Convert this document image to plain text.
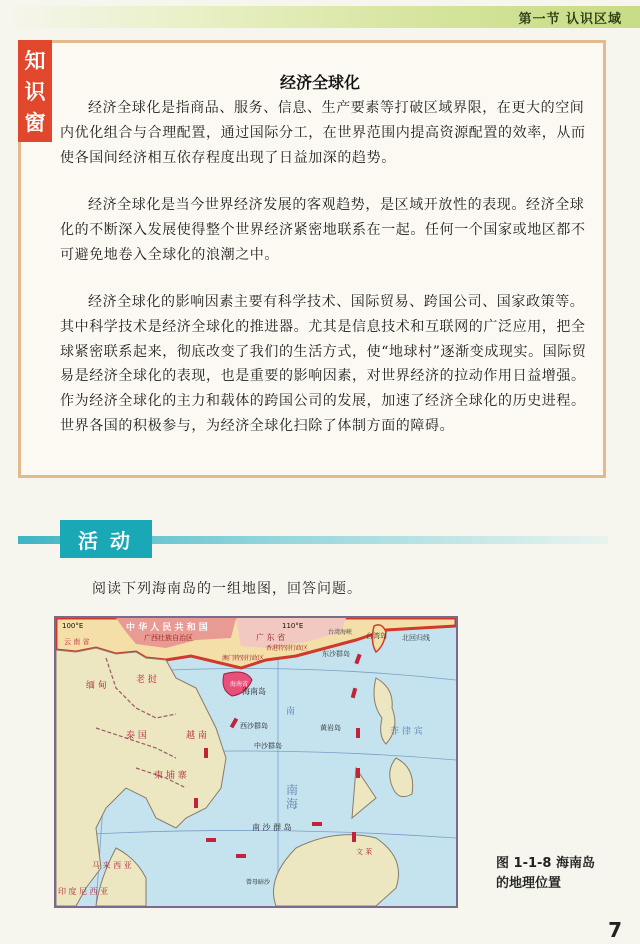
第一节 认识区域
知
识
窗
经济全球化
经济全球化是指商品、服务、信息、生产要素等打破区域界限，在更大的空间内优化组合与合理配置，通过国际分工，在世界范围内提高资源配置的效率，从而使各国间经济相互依存程度出现了日益加深的趋势。
经济全球化是当今世界经济发展的客观趋势，是区域开放性的表现。经济全球化的不断深入发展使得整个世界经济紧密地联系在一起。任何一个国家或地区都不可避免地卷入全球化的浪潮之中。
经济全球化的影响因素主要有科学技术、国际贸易、跨国公司、国家政策等。其中科学技术是经济全球化的推进器。尤其是信息技术和互联网的广泛应用，把全球紧密联系起来，彻底改变了我们的生活方式，使“地球村”逐渐变成现实。国际贸易是经济全球化的表现，也是重要的影响因素，对世界经济的拉动作用日益增强。作为经济全球化的主力和载体的跨国公司的发展，加速了经济全球化的历史进程。世界各国的积极参与，为经济全球化扫除了体制方面的障碍。
活动
阅读下列海南岛的一组地图，回答问题。
北回归线
中 华 人 民 共 和 国
100°E	110°E
云 南 省	广西壮族自治区	广 东 省
香港特别行政区
澳门特别行政区
台湾海峡 台湾岛
东沙群岛
海南省
海南岛
西沙群岛
中沙群岛
黄岩岛
南
海
南
南 沙 群 岛
缅 甸
老 挝
泰 国
柬 埔 寨
越 南	菲 律 宾
马 来 西 亚
文 莱
印 度 尼 西 亚
曾母暗沙
图 1-1-8 海南岛
的地理位置
7
